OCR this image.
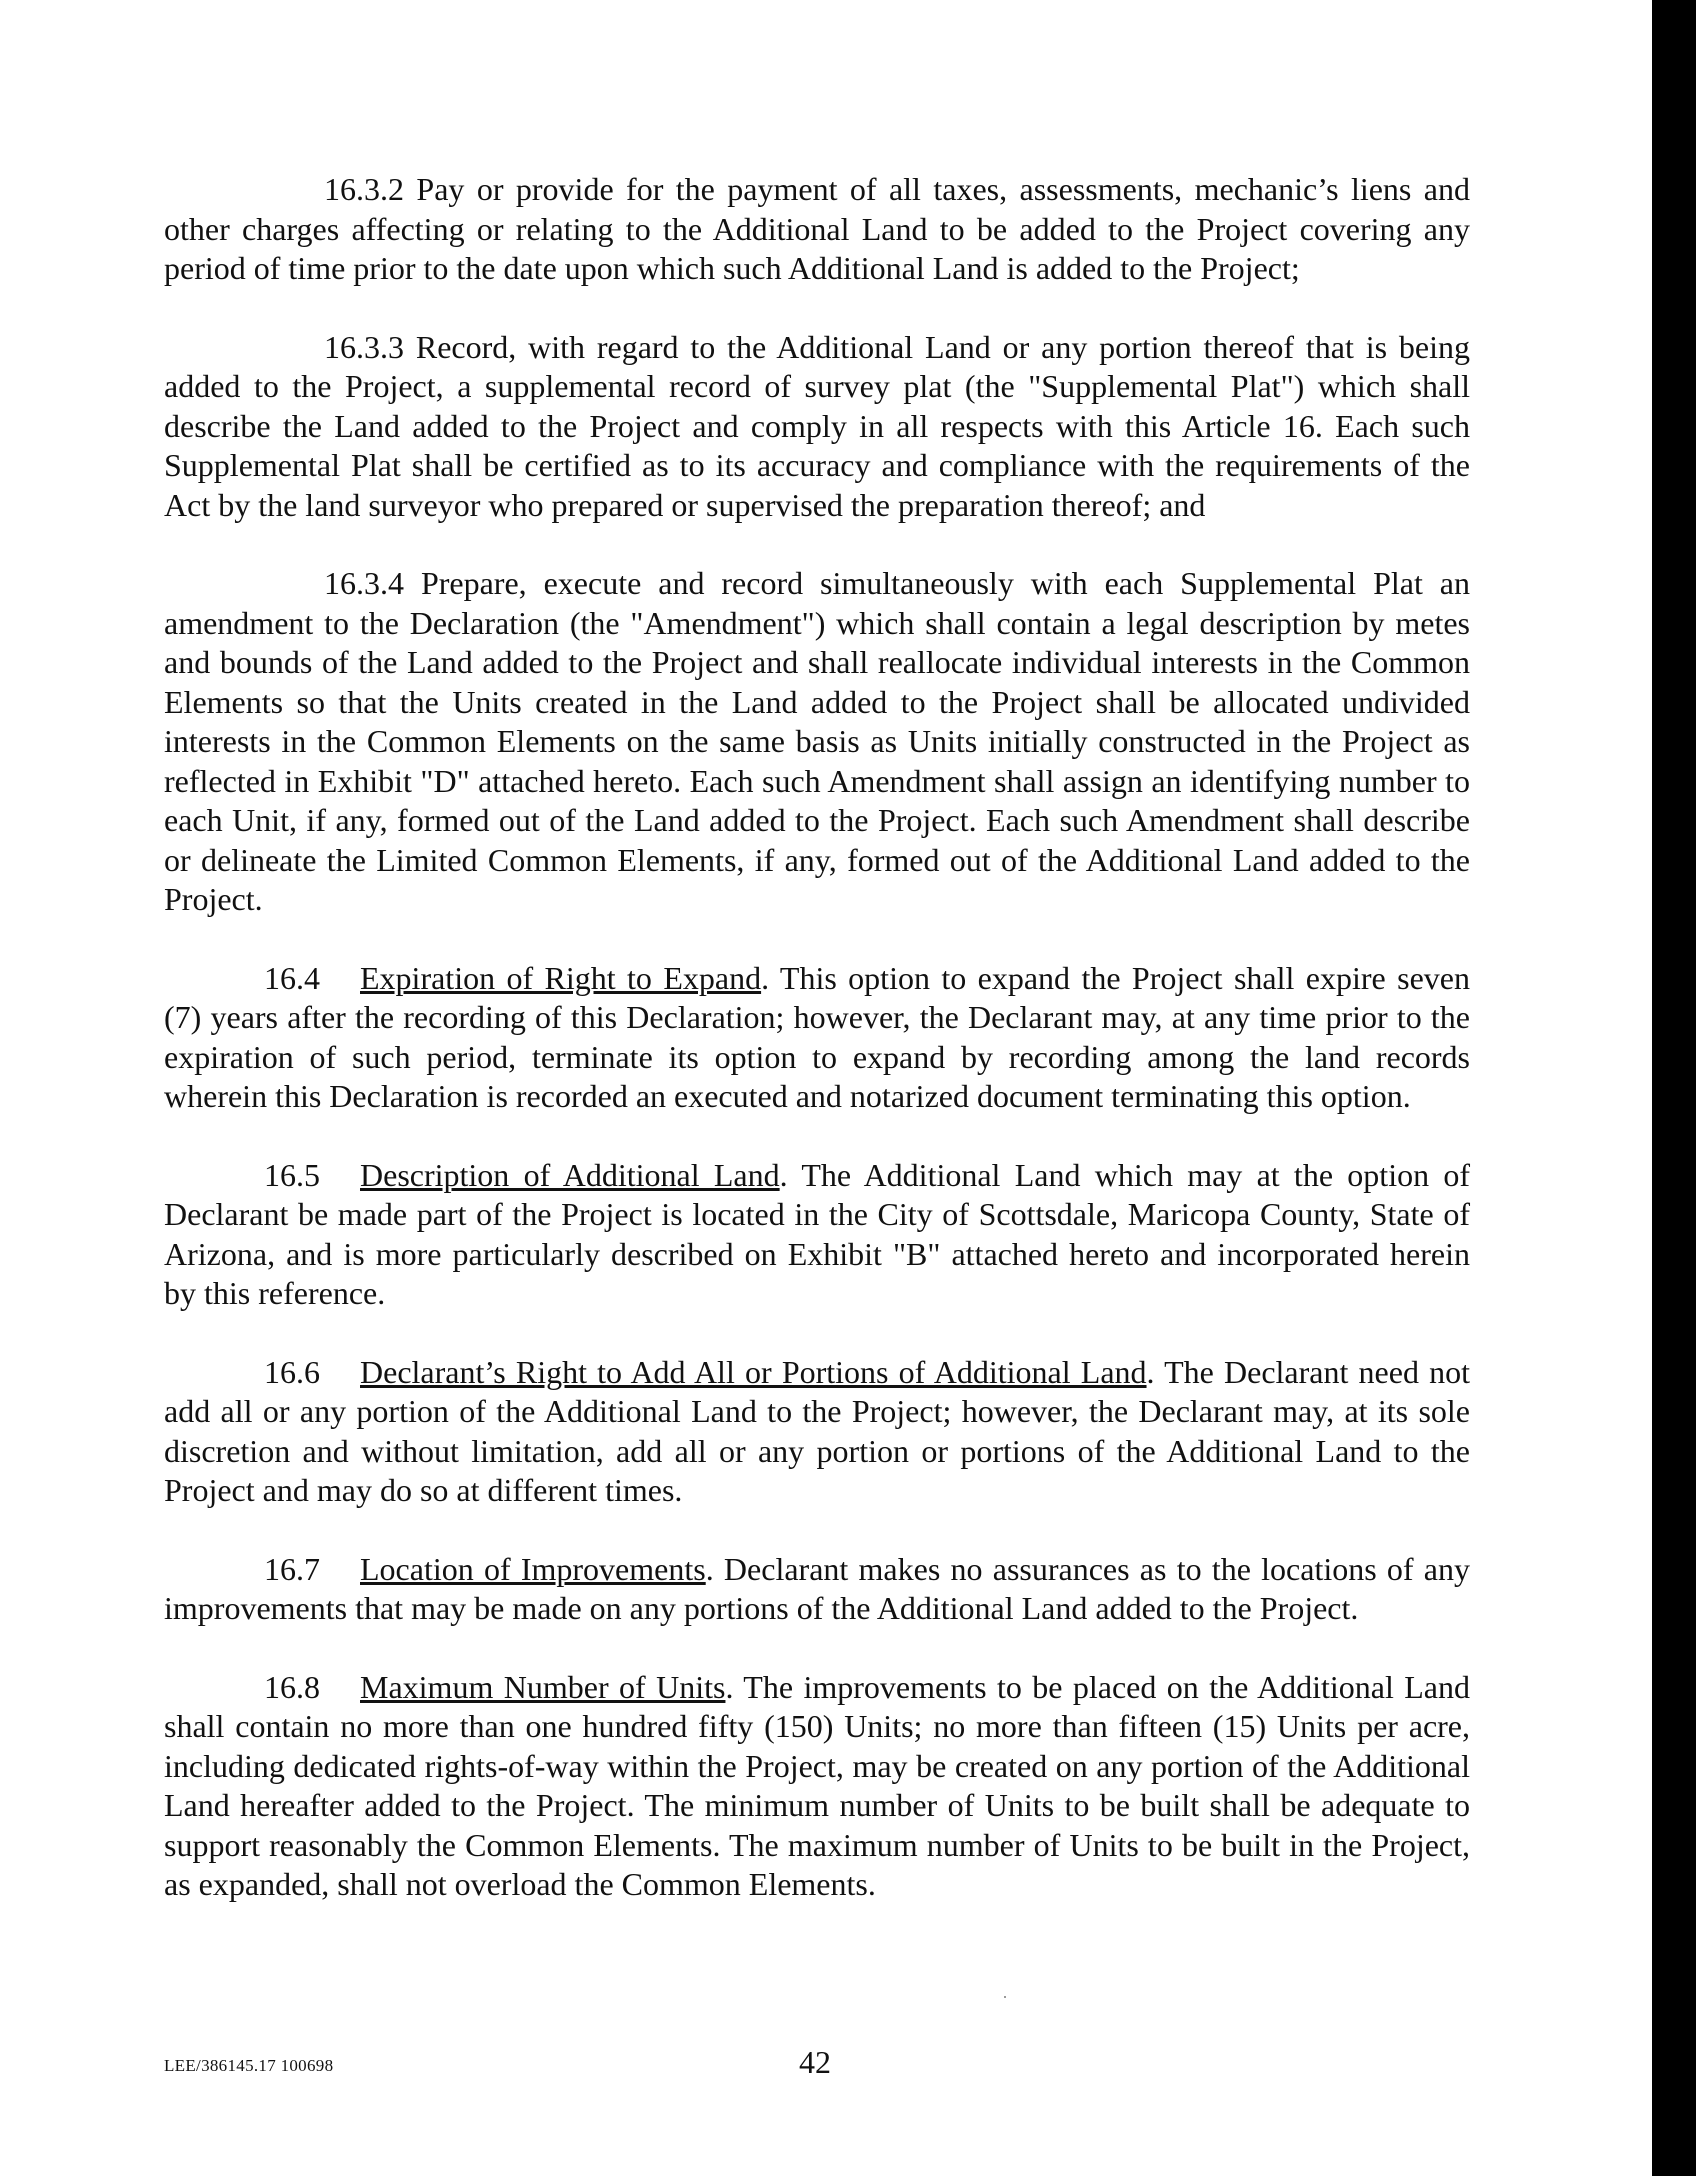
16.3.2 Pay or provide for the payment of all taxes, assessments, mechanic’s liens and other charges affecting or relating to the Additional Land to be added to the Project covering any period of time prior to the date upon which such Additional Land is added to the Project;

16.3.3 Record, with regard to the Additional Land or any portion thereof that is being added to the Project, a supplemental record of survey plat (the "Supplemental Plat") which shall describe the Land added to the Project and comply in all respects with this Article 16. Each such Supplemental Plat shall be certified as to its accuracy and compliance with the requirements of the Act by the land surveyor who prepared or supervised the preparation thereof; and

16.3.4 Prepare, execute and record simultaneously with each Supplemental Plat an amendment to the Declaration (the "Amendment") which shall contain a legal description by metes and bounds of the Land added to the Project and shall reallocate individual interests in the Common Elements so that the Units created in the Land added to the Project shall be allocated undivided interests in the Common Elements on the same basis as Units initially constructed in the Project as reflected in Exhibit "D" attached hereto. Each such Amendment shall assign an identifying number to each Unit, if any, formed out of the Land added to the Project. Each such Amendment shall describe or delineate the Limited Common Elements, if any, formed out of the Additional Land added to the Project.

16.4 Expiration of Right to Expand. This option to expand the Project shall expire seven (7) years after the recording of this Declaration; however, the Declarant may, at any time prior to the expiration of such period, terminate its option to expand by recording among the land records wherein this Declaration is recorded an executed and notarized document terminating this option.

16.5 Description of Additional Land. The Additional Land which may at the option of Declarant be made part of the Project is located in the City of Scottsdale, Maricopa County, State of Arizona, and is more particularly described on Exhibit "B" attached hereto and incorporated herein by this reference.

16.6 Declarant’s Right to Add All or Portions of Additional Land. The Declarant need not add all or any portion of the Additional Land to the Project; however, the Declarant may, at its sole discretion and without limitation, add all or any portion or portions of the Additional Land to the Project and may do so at different times.

16.7 Location of Improvements. Declarant makes no assurances as to the locations of any improvements that may be made on any portions of the Additional Land added to the Project.

16.8 Maximum Number of Units. The improvements to be placed on the Additional Land shall contain no more than one hundred fifty (150) Units; no more than fifteen (15) Units per acre, including dedicated rights-of-way within the Project, may be created on any portion of the Additional Land hereafter added to the Project. The minimum number of Units to be built shall be adequate to support reasonably the Common Elements. The maximum number of Units to be built in the Project, as expanded, shall not overload the Common Elements.

LEE/386145.17 100698	42
